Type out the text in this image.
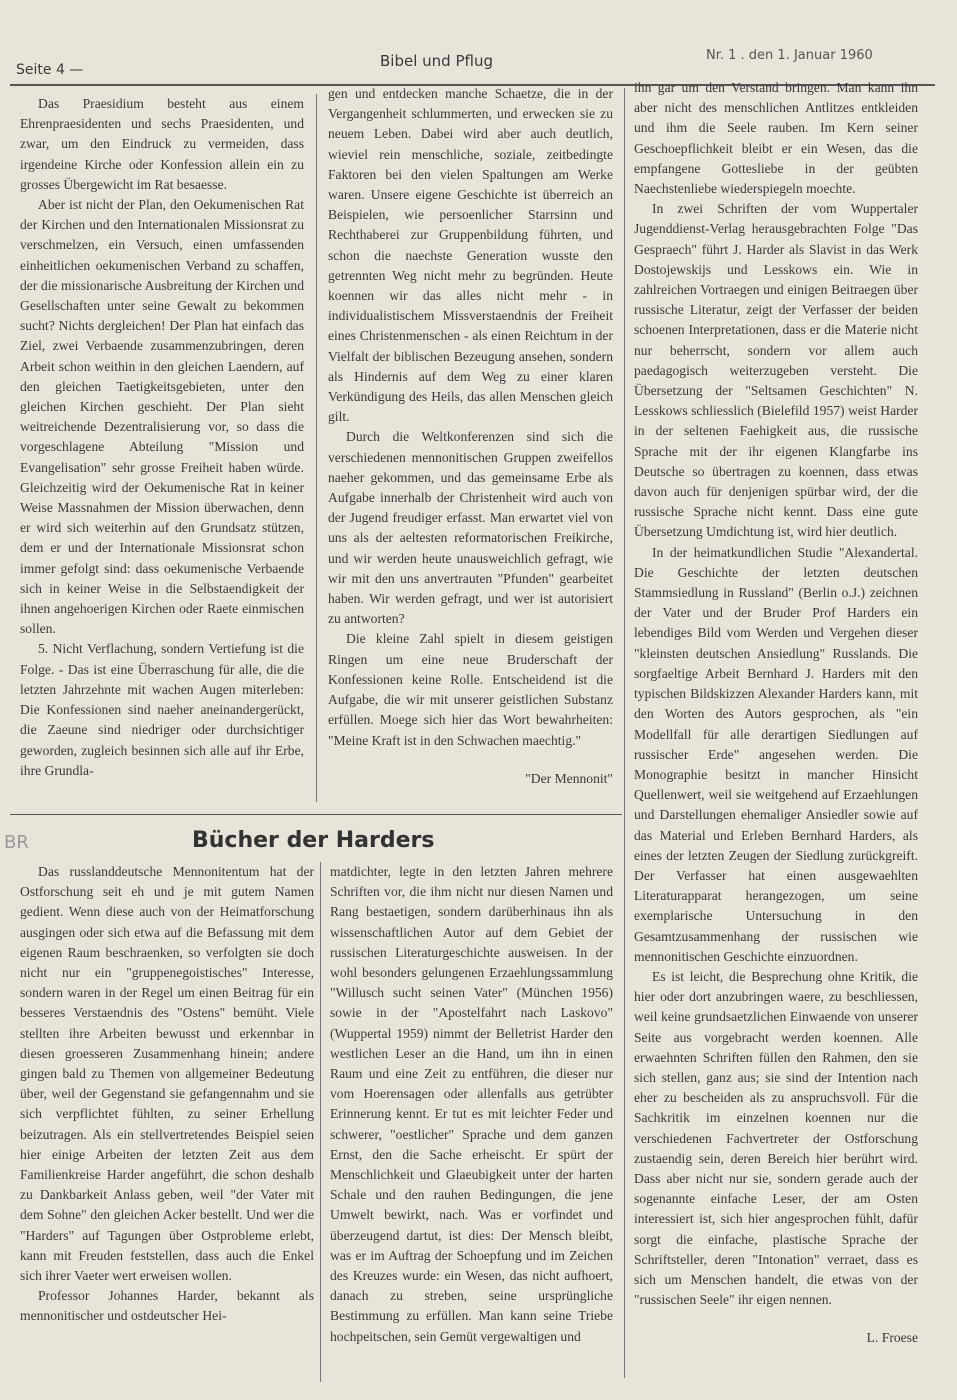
Seite 4 —	Bibel und Pflug	Nr. 1 . den 1. Januar 1960

Das Praesidium besteht aus einem Ehrenpraesidenten und sechs Praesidenten, und zwar, um den Eindruck zu vermeiden, dass irgendeine Kirche oder Konfession allein ein zu grosses Übergewicht im Rat besaesse.

Aber ist nicht der Plan, den Oekumenischen Rat der Kirchen und den Internationalen Missionsrat zu verschmelzen, ein Versuch, einen umfassenden einheitlichen oekumenischen Verband zu schaffen, der die missionarische Ausbreitung der Kirchen und Gesellschaften unter seine Gewalt zu bekommen sucht? Nichts dergleichen! Der Plan hat einfach das Ziel, zwei Verbaende zusammenzubringen, deren Arbeit schon weithin in den gleichen Laendern, auf den gleichen Taetigkeitsgebieten, unter den gleichen Kirchen geschieht. Der Plan sieht weitreichende Dezentralisierung vor, so dass die vorgeschlagene Abteilung "Mission und Evangelisation" sehr grosse Freiheit haben würde. Gleichzeitig wird der Oekumenische Rat in keiner Weise Massnahmen der Mission überwachen, denn er wird sich weiterhin auf den Grundsatz stützen, dem er und der Internationale Missionsrat schon immer gefolgt sind: dass oekumenische Verbaende sich in keiner Weise in die Selbstaendigkeit der ihnen angehoerigen Kirchen oder Raete einmischen sollen.

5. Nicht Verflachung, sondern Vertiefung ist die Folge. - Das ist eine Überraschung für alle, die die letzten Jahrzehnte mit wachen Augen miterleben: Die Konfessionen sind naeher aneinandergerückt, die Zaeune sind niedriger oder durchsichtiger geworden, zugleich besinnen sich alle auf ihr Erbe, ihre Grundla-

gen und entdecken manche Schaetze, die in der Vergangenheit schlummerten, und erwecken sie zu neuem Leben. Dabei wird aber auch deutlich, wieviel rein menschliche, soziale, zeitbedingte Faktoren bei den vielen Spaltungen am Werke waren. Unsere eigene Geschichte ist überreich an Beispielen, wie persoenlicher Starrsinn und Rechthaberei zur Gruppenbildung führten, und schon die naechste Generation wusste den getrennten Weg nicht mehr zu begründen. Heute koennen wir das alles nicht mehr - in individualistischem Missverstaendnis der Freiheit eines Christenmenschen - als einen Reichtum in der Vielfalt der biblischen Bezeugung ansehen, sondern als Hindernis auf dem Weg zu einer klaren Verkündigung des Heils, das allen Menschen gleich gilt.

Durch die Weltkonferenzen sind sich die verschiedenen mennonitischen Gruppen zweifellos naeher gekommen, und das gemeinsame Erbe als Aufgabe innerhalb der Christenheit wird auch von der Jugend freudiger erfasst. Man erwartet viel von uns als der aeltesten reformatorischen Freikirche, und wir werden heute unausweichlich gefragt, wie wir mit den uns anvertrauten "Pfunden" gearbeitet haben. Wir werden gefragt, und wer ist autorisiert zu antworten?

Die kleine Zahl spielt in diesem geistigen Ringen um eine neue Bruderschaft der Konfessionen keine Rolle. Entscheidend ist die Aufgabe, die wir mit unserer geistlichen Substanz erfüllen. Moege sich hier das Wort bewahrheiten: "Meine Kraft ist in den Schwachen maechtig."

"Der Mennonit"

BR	Bücher der Harders

Das russlanddeutsche Mennonitentum hat der Ostforschung seit eh und je mit gutem Namen gedient. Wenn diese auch von der Heimatforschung ausgingen oder sich etwa auf die Befassung mit dem eigenen Raum beschraenken, so verfolgten sie doch nicht nur ein "gruppenegoistisches" Interesse, sondern waren in der Regel um einen Beitrag für ein besseres Verstaendnis des "Ostens" bemüht. Viele stellten ihre Arbeiten bewusst und erkennbar in diesen groesseren Zusammenhang hinein; andere gingen bald zu Themen von allgemeiner Bedeutung über, weil der Gegenstand sie gefangennahm und sie sich verpflichtet fühlten, zu seiner Erhellung beizutragen. Als ein stellvertretendes Beispiel seien hier einige Arbeiten der letzten Zeit aus dem Familienkreise Harder angeführt, die schon deshalb zu Dankbarkeit Anlass geben, weil "der Vater mit dem Sohne" den gleichen Acker bestellt. Und wer die "Harders" auf Tagungen über Ostprobleme erlebt, kann mit Freuden feststellen, dass auch die Enkel sich ihrer Vaeter wert erweisen wollen.

Professor Johannes Harder, bekannt als mennonitischer und ostdeutscher Hei-

matdichter, legte in den letzten Jahren mehrere Schriften vor, die ihm nicht nur diesen Namen und Rang bestaetigen, sondern darüberhinaus ihn als wissenschaftlichen Autor auf dem Gebiet der russischen Literaturgeschichte ausweisen. In der wohl besonders gelungenen Erzaehlungssammlung "Willusch sucht seinen Vater" (München 1956) sowie in der "Apostelfahrt nach Laskovo" (Wuppertal 1959) nimmt der Belletrist Harder den westlichen Leser an die Hand, um ihn in einen Raum und eine Zeit zu entführen, die dieser nur vom Hoerensagen oder allenfalls aus getrübter Erinnerung kennt. Er tut es mit leichter Feder und schwerer, "oestlicher" Sprache und dem ganzen Ernst, den die Sache erheischt. Er spürt der Menschlichkeit und Glaeubigkeit unter der harten Schale und den rauhen Bedingungen, die jene Umwelt bewirkt, nach. Was er vorfindet und überzeugend dartut, ist dies: Der Mensch bleibt, was er im Auftrag der Schoepfung und im Zeichen des Kreuzes wurde: ein Wesen, das nicht aufhoert, danach zu streben, seine ursprüngliche Bestimmung zu erfüllen. Man kann seine Triebe hochpeitschen, sein Gemüt vergewaltigen und

ihn gar um den Verstand bringen. Man kann ihn aber nicht des menschlichen Antlitzes entkleiden und ihm die Seele rauben. Im Kern seiner Geschoepflichkeit bleibt er ein Wesen, das die empfangene Gottesliebe in der geübten Naechstenliebe wiederspiegeln moechte.

In zwei Schriften der vom Wuppertaler Jugenddienst-Verlag herausgebrachten Folge "Das Gespraech" führt J. Harder als Slavist in das Werk Dostojewskijs und Lesskows ein. Wie in zahlreichen Vortraegen und einigen Beitraegen über russische Literatur, zeigt der Verfasser der beiden schoenen Interpretationen, dass er die Materie nicht nur beherrscht, sondern vor allem auch paedagogisch weiterzugeben versteht. Die Übersetzung der "Seltsamen Geschichten" N. Lesskows schliesslich (Bielefild 1957) weist Harder in der seltenen Faehigkeit aus, die russische Sprache mit der ihr eigenen Klangfarbe ins Deutsche so übertragen zu koennen, dass etwas davon auch für denjenigen spürbar wird, der die russische Sprache nicht kennt. Dass eine gute Übersetzung Umdichtung ist, wird hier deutlich.

In der heimatkundlichen Studie "Alexandertal. Die Geschichte der letzten deutschen Stammsiedlung in Russland" (Berlin o.J.) zeichnen der Vater und der Bruder Prof Harders ein lebendiges Bild vom Werden und Vergehen dieser "kleinsten deutschen Ansiedlung" Russlands. Die sorgfaeltige Arbeit Bernhard J. Harders mit den typischen Bildskizzen Alexander Harders kann, mit den Worten des Autors gesprochen, als "ein Modellfall für alle derartigen Siedlungen auf russischer Erde" angesehen werden. Die Monographie besitzt in mancher Hinsicht Quellenwert, weil sie weitgehend auf Erzaehlungen und Darstellungen ehemaliger Ansiedler sowie auf das Material und Erleben Bernhard Harders, als eines der letzten Zeugen der Siedlung zurückgreift. Der Verfasser hat einen ausgewaehlten Literaturapparat herangezogen, um seine exemplarische Untersuchung in den Gesamtzusammenhang der russischen wie mennonitischen Geschichte einzuordnen.

Es ist leicht, die Besprechung ohne Kritik, die hier oder dort anzubringen waere, zu beschliessen, weil keine grundsaetzlichen Einwaende von unserer Seite aus vorgebracht werden koennen. Alle erwaehnten Schriften füllen den Rahmen, den sie sich stellen, ganz aus; sie sind der Intention nach eher zu bescheiden als zu anspruchsvoll. Für die Sachkritik im einzelnen koennen nur die verschiedenen Fachvertreter der Ostforschung zustaendig sein, deren Bereich hier berührt wird. Dass aber nicht nur sie, sondern gerade auch der sogenannte einfache Leser, der am Osten interessiert ist, sich hier angesprochen fühlt, dafür sorgt die einfache, plastische Sprache der Schriftsteller, deren "Intonation" verraet, dass es sich um Menschen handelt, die etwas von der "russischen Seele" ihr eigen nennen.

L. Froese
